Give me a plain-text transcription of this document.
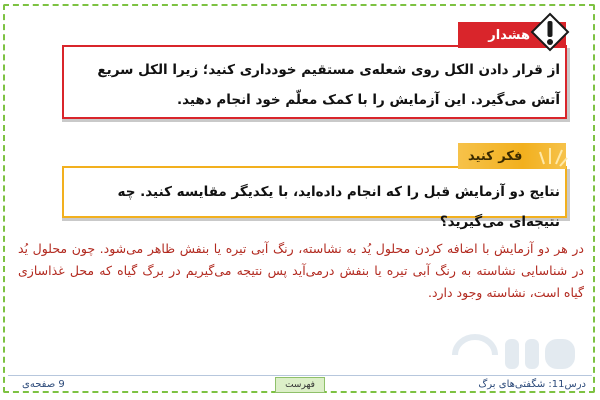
هشدار
از قرار دادن الکل روی شعله‌ی مستقیم خودداری کنید؛ زیرا الکل سریع آتش می‌گیرد. این آزمایش را با کمک معلّم خود انجام دهید.
فکر کنید
نتایج دو آزمایش قبل را که انجام داده‌اید، با یکدیگر مقایسه کنید. چه نتیجه‌ای می‌گیرید؟
در هر دو آزمایش با اضافه کردن محلول یُد به نشاسته، رنگ آبی تیره یا بنفش ظاهر می‌شود. چون محلول یُد در شناسایی نشاسته به رنگ آبی تیره یا بنفش درمی‌آید پس نتیجه می‌گیریم در برگ گیاه که محل غذاسازی گیاه است، نشاسته وجود دارد.
9 صفحه‌ی	فهرست	درس11: شگفتی‌های برگ
